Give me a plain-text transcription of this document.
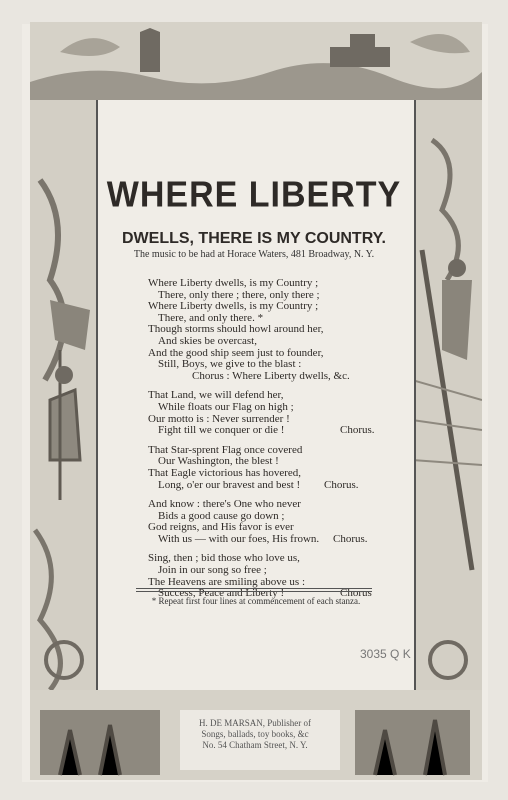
WHERE LIBERTY
DWELLS, THERE IS MY COUNTRY.
The music to be had at Horace Waters, 481 Broadway, N. Y.
Where Liberty dwells, is my Country ;
There, only there ; there, only there ;
Where Liberty dwells, is my Country ;
There, and only there. *
Though storms should howl around her,
And skies be overcast,
And the good ship seem just to founder,
Still, Boys, we give to the blast :
Chorus : Where Liberty dwells, &c.
That Land, we will defend her,
While floats our Flag on high ;
Our motto is : Never surrender !
Fight till we conquer or die !	Chorus.
That Star-sprent Flag once covered
Our Washington, the blest !
That Eagle victorious has hovered,
Long, o'er our bravest and best ! Chorus.
And know : there's One who never
Bids a good cause go down ;
God reigns, and His favor is ever
With us — with our foes, His frown. Chorus.
Sing, then ; bid those who love us,
Join in our song so free ;
The Heavens are smiling above us :
Success, Peace and Liberty !	Chorus
* Repeat first four lines at commencement of each stanza.
H. DE MARSAN, Publisher of
Songs, ballads, toy books, &c
No. 54 Chatham Street, N. Y.
3035 Q K
